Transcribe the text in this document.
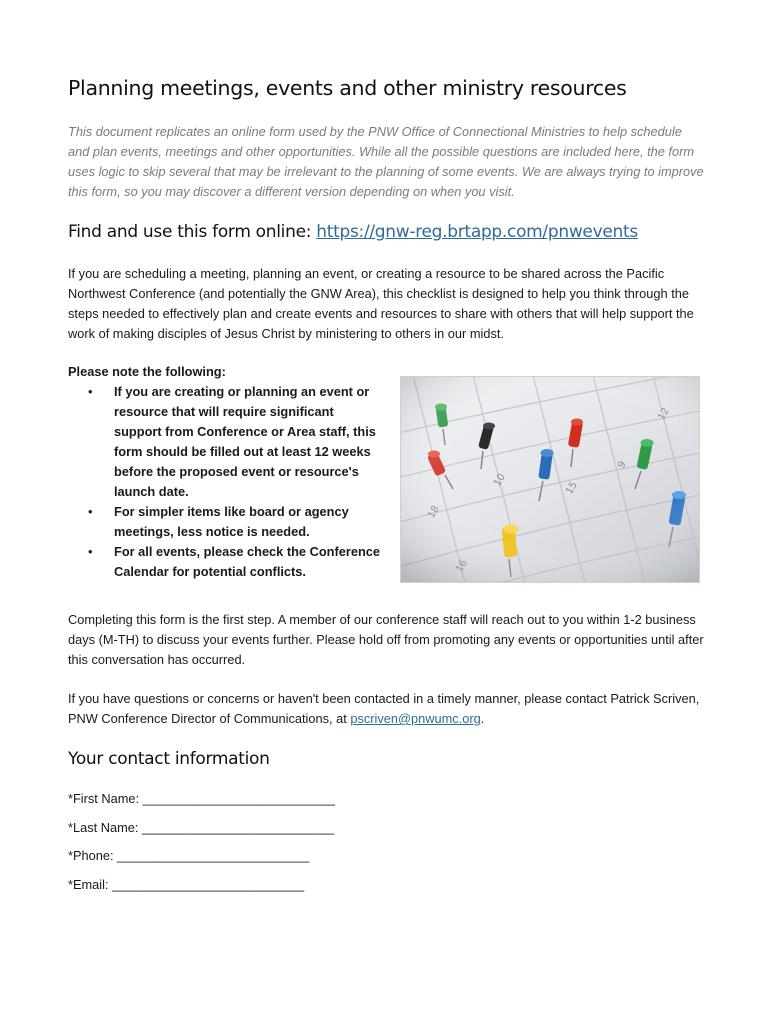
Planning meetings, events and other ministry resources

This document replicates an online form used by the PNW Office of Connectional Ministries to help schedule and plan events, meetings and other opportunities. While all the possible questions are included here, the form uses logic to skip several that may be irrelevant to the planning of some events. We are always trying to improve this form, so you may discover a different version depending on when you visit.

Find and use this form online: https://gnw-reg.brtapp.com/pnwevents

If you are scheduling a meeting, planning an event, or creating a resource to be shared across the Pacific Northwest Conference (and potentially the GNW Area), this checklist is designed to help you think through the steps needed to effectively plan and create events and resources to share with others that will help support the work of making disciples of Jesus Christ by ministering to others in our midst.

Please note the following:

• If you are creating or planning an event or resource that will require significant support from Conference or Area staff, this form should be filled out at least 12 weeks before the proposed event or resource's launch date.
• For simpler items like board or agency meetings, less notice is needed.
• For all events, please check the Conference Calendar for potential conflicts.

Completing this form is the first step. A member of our conference staff will reach out to you within 1-2 business days (M-TH) to discuss your events further. Please hold off from promoting any events or opportunities until after this conversation has occurred.

If you have questions or concerns or haven't been contacted in a timely manner, please contact Patrick Scriven, PNW Conference Director of Communications, at pscriven@pnwumc.org.

Your contact information
*First Name: ___________________________
*Last Name: ___________________________
*Phone: ___________________________
*Email: ___________________________
